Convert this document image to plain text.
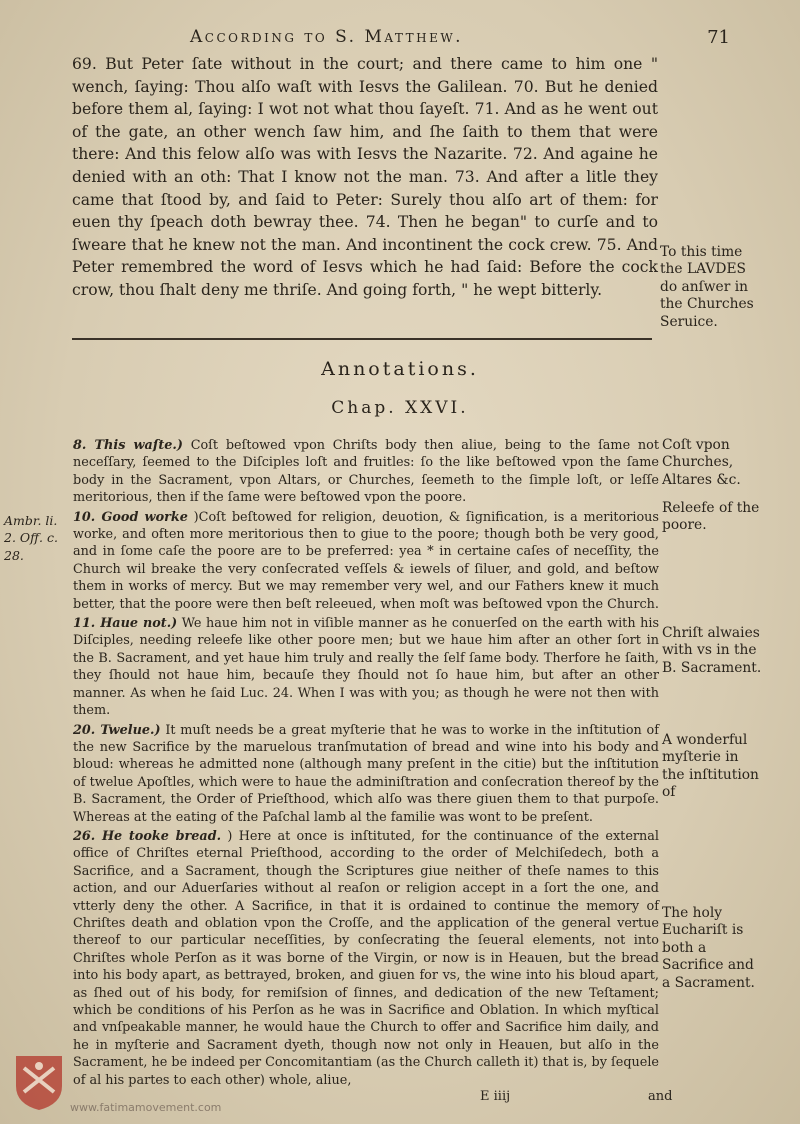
According to S. Matthew.	71

69. But Peter ſate without in the court; and there came to him one " wench, ſaying: Thou alſo waſt with Iesvs the Galilean. 70. But he denied before them al, ſaying: I wot not what thou ſayeſt. 71. And as he went out of the gate, an other wench ſaw him, and ſhe ſaith to them that were there: And this felow alſo was with Iesvs the Nazarite. 72. And againe he denied with an oth: That I know not the man. 73. And after a litle they came that ſtood by, and ſaid to Peter: Surely thou alſo art of them: for euen thy ſpeach doth bewray thee. 74. Then he began" to curſe and to ſweare that he knew not the man. And incontinent the cock crew. 75. And Peter remembred the word of Iesvs which he had ſaid: Before the cock crow, thou ſhalt deny me thriſe. And going forth, " he wept bitterly.

To this time the LAVDES do anſwer in the Churches Seruice.
Annotations.
Chap. XXVI.

8. This waſte.) Coſt beſtowed vpon Chriſts body then aliue, being to the ſame not neceſſary, ſeemed to the Diſciples loſt and fruitles: ſo the like beſtowed vpon the ſame body in the Sacrament, vpon Altars, or Churches, ſeemeth to the ſimple loſt, or leſſe meritorious, then if the ſame were beſtowed vpon the poore.

10. Good worke )Coſt beſtowed for religion, deuotion, & ſignification, is a meritorious worke, and often more meritorious then to giue to the poore; though both be very good, and in ſome caſe the poore are to be preferred: yea * in certaine caſes of neceſſity, the Church wil breake the very conſecrated veſſels & iewels of ſiluer, and gold, and beſtow them in works of mercy. But we may remember very wel, and our Fathers knew it much better, that the poore were then beſt releeued, when moſt was beſtowed vpon the Church.

11. Haue not.) We haue him not in viſible manner as he conuerſed on the earth with his Diſciples, needing releefe like other poore men; but we haue him after an other ſort in the B. Sacrament, and yet haue him truly and really the ſelf ſame body. Therfore he ſaith, they ſhould not haue him, becauſe they ſhould not ſo haue him, but after an other manner. As when he ſaid Luc. 24. When I was with you; as though he were not then with them.

20. Twelue.) It muſt needs be a great myſterie that he was to worke in the inſtitution of the new Sacrifice by the maruelous tranſmutation of bread and wine into his body and bloud: whereas he admitted none (although many preſent in the citie) but the inſtitution of twelue Apoſtles, which were to haue the adminiſtration and conſecration thereof by the B. Sacrament, the Order of Prieſthood, which alſo was there giuen them to that purpoſe. Whereas at the eating of the Paſchal lamb al the familie was wont to be preſent.

26. He tooke bread. ) Here at once is inſtituted, for the continuance of the external office of Chriſtes eternal Prieſthood, according to the order of Melchiſedech, both a Sacrifice, and a Sacrament, though the Scriptures giue neither of theſe names to this action, and our Aduerſaries without al reaſon or religion accept in a ſort the one, and vtterly deny the other. A Sacrifice, in that it is ordained to continue the memory of Chriſtes death and oblation vpon the Croſſe, and the application of the general vertue thereof to our particular neceſſities, by conſecrating the ſeueral elements, not into Chriſtes whole Perſon as it was borne of the Virgin, or now is in Heauen, but the bread into his body apart, as bettrayed, broken, and giuen for vs, the wine into his bloud apart, as ſhed out of his body, for remiſsion of ſinnes, and dedication of the new Teſtament; which be conditions of his Perſon as he was in Sacrifice and Oblation. In which myſtical and vnſpeakable manner, he would haue the Church to offer and Sacrifice him daily, and he in myſterie and Sacrament dyeth, though now not only in Heauen, but alſo in the Sacrament, he be indeed per Concomitantiam (as the Church calleth it) that is, by ſequele of al his partes to each other) whole, aliue,

Coſt vpon Churches, Altares &c.
Releefe of the poore.
Chriſt alwaies with vs in the B. Sacrament.
A wonderful myſterie in the inſtitution of
The holy Euchariſt is both a Sacrifice and a Sacrament.
Ambr. li. 2. Off. c. 28.
E iiij	and
www.fatimamovement.com
